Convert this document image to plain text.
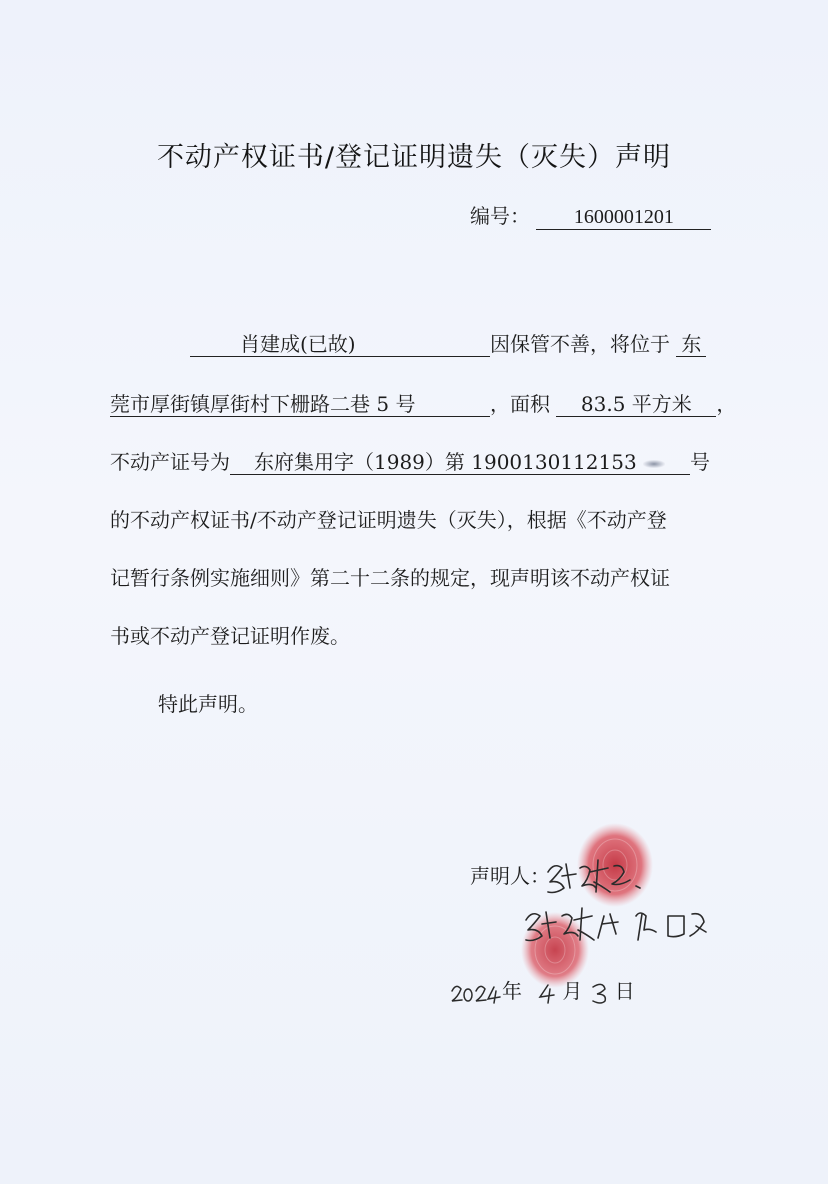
不动产权证书/登记证明遗失（灭失）声明
编号： 1600001201
肖建成(已故)	因保管不善，将位于 东
莞市厚街镇厚街村下栅路二巷 5 号	，面积 83.5 平方米 ，
不动产证号为 东府集用字（1989）第 1900130112153	号
的不动产权证书/不动产登记证明遗失（灭失），根据《不动产登
记暂行条例实施细则》第二十二条的规定，现声明该不动产权证
书或不动产登记证明作废。
特此声明。
声明人：
年 月 日
